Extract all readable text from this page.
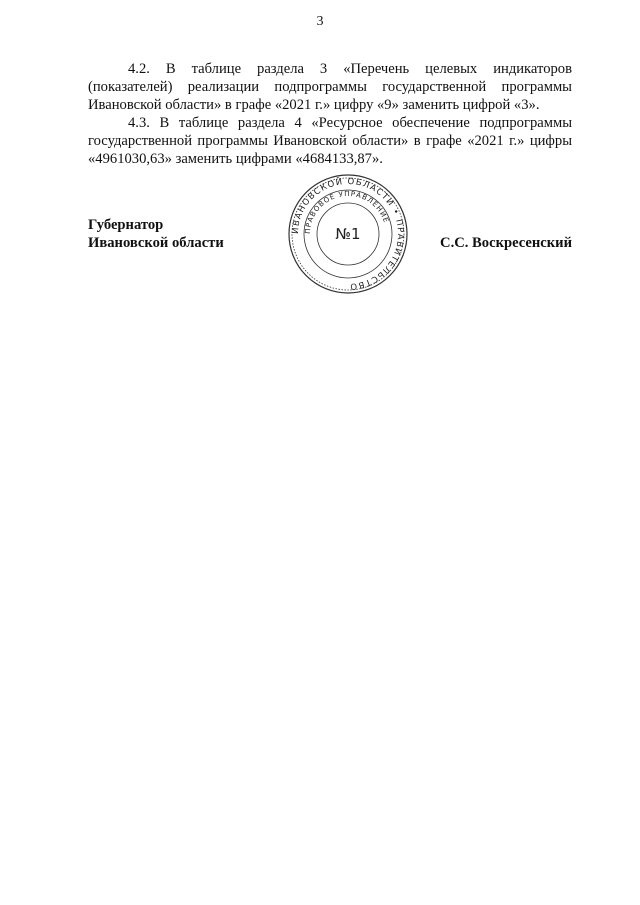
3

4.2. В таблице раздела 3 «Перечень целевых индикаторов (показателей) реализации подпрограммы государственной программы Ивановской области» в графе «2021 г.» цифру «9» заменить цифрой «3».

4.3. В таблице раздела 4 «Ресурсное обеспечение подпрограммы государственной программы Ивановской области» в графе «2021 г.» цифры «4961030,63» заменить цифрами «4684133,87».

ИВАНОВСКОЙ ОБЛАСТИ • ПРАВИТЕЛЬСТВО
ПРАВОВОЕ УПРАВЛЕНИЕ
№1
Губернатор
Ивановской области	С.С. Воскресенский
